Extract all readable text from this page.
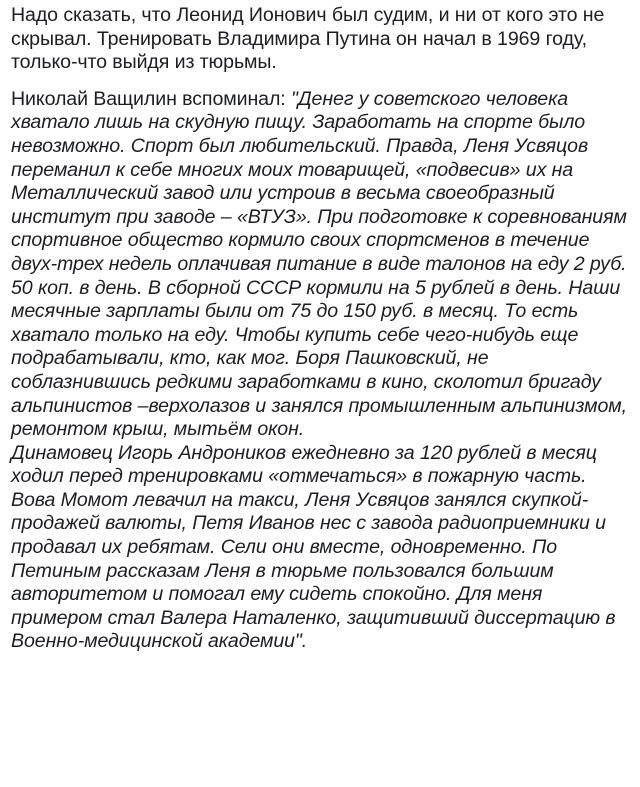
Надо сказать, что Леонид Ионович был судим, и ни от кого это не скрывал. Тренировать Владимира Путина он начал в 1969 году, только-что выйдя из тюрьмы.

Николай Ващилин вспоминал: "Денег у советского человека хватало лишь на скудную пищу. Заработать на спорте было невозможно. Спорт был любительский. Правда, Леня Усвяцов переманил к себе многих моих товарищей, «подвесив» их на Металлический завод или устроив в весьма своеобразный институт при заводе – «ВТУЗ». При подготовке к соревнованиям спортивное общество кормило своих спортсменов в течение двух-трех недель оплачивая питание в виде талонов на еду 2 руб. 50 коп. в день. В сборной СССР кормили на 5 рублей в день. Наши месячные зарплаты были от 75 до 150 руб. в месяц. То есть хватало только на еду. Чтобы купить себе чего-нибудь еще подрабатывали, кто, как мог. Боря Пашковский, не соблазнившись редкими заработками в кино, сколотил бригаду альпинистов –верхолазов и занялся промышленным альпинизмом, ремонтом крыш, мытьём окон.

Динамовец Игорь Андроников ежедневно за 120 рублей в месяц ходил перед тренировками «отмечаться» в пожарную часть. Вова Момот левачил на такси, Леня Усвяцов занялся скупкой-продажей валюты, Петя Иванов нес с завода радиоприемники и продавал их ребятам. Сели они вместе, одновременно. По Петиным рассказам Леня в тюрьме пользовался большим авторитетом и помогал ему сидеть спокойно. Для меня примером стал Валера Наталенко, защитивший диссертацию в Военно-медицинской академии".
